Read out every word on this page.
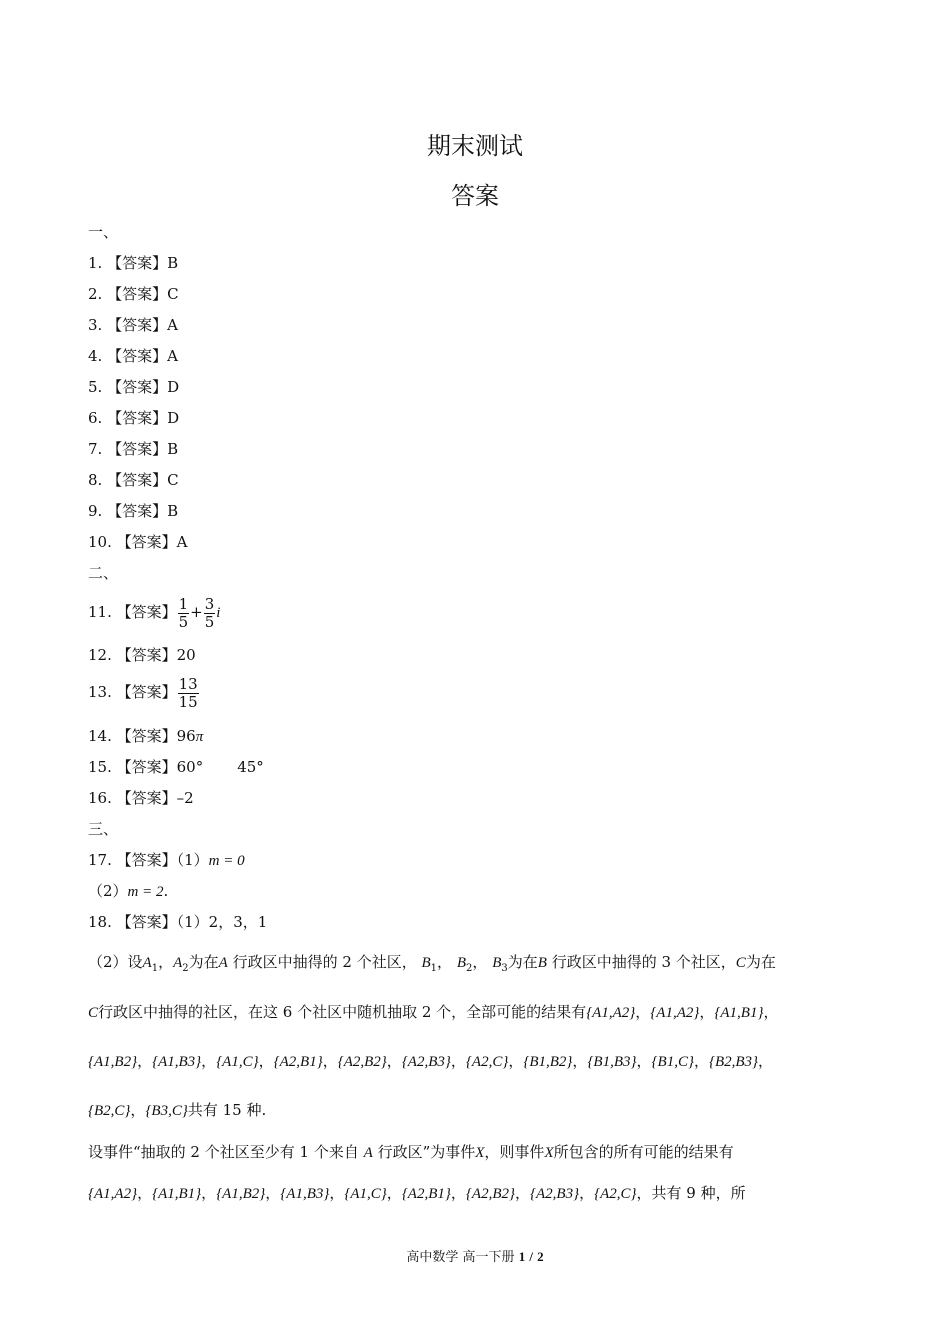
期末测试
答案
一、
1. 【答案】B
2. 【答案】C
3. 【答案】A
4. 【答案】A
5. 【答案】D
6. 【答案】D
7. 【答案】B
8. 【答案】C
9. 【答案】B
10. 【答案】A
二、
11. 【答案】 $\frac{1}{5} + \frac{3}{5}$ i
12. 【答案】20
13. 【答案】 $\frac{13}{15}$
14. 【答案】96π
15. 【答案】60° 45°
16. 【答案】–2
三、
17. 【答案】（1）m = 0
（2）m = 2.
18. 【答案】（1）2，3，1
（2）设$A_1$，$A_2$为在A 行政区中抽得的 2 个社区， $B_1$， $B_2$， $B_3$为在B 行政区中抽得的 3 个社区，C为在
C行政区中抽得的社区，在这 6 个社区中随机抽取 2 个，全部可能的结果有{A1,A2}，{A1,A2}，{A1,B1}，
{A1,B2}，{A1,B3}，{A1,C}，{A2,B1}，{A2,B2}，{A2,B3}，{A2,C}，{B1,B2}，{B1,B3}，{B1,C}，{B2,B3}，
{B2,C}，{B3,C}共有 15 种.
设事件“抽取的 2 个社区至少有 1 个来自 A 行政区”为事件X，则事件X所包含的所有可能的结果有
{A1,A2}，{A1,B1}，{A1,B2}，{A1,B3}，{A1,C}，{A2,B1}，{A2,B2}，{A2,B3}，{A2,C}，共有 9 种，所
高中数学 高一下册 1 / 2
